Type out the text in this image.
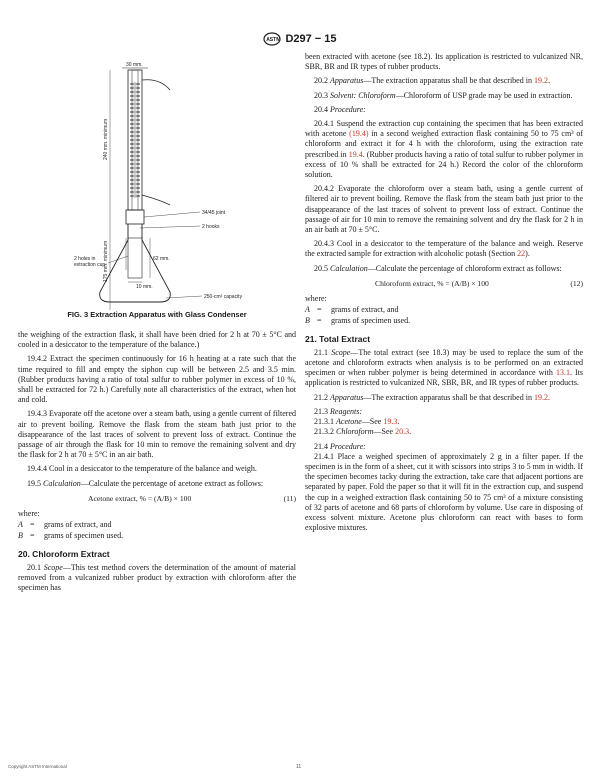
ASTM D297 − 15
30 mm.
240 mm. minimum
175 mm. minimum
34/45 joint
2 hooks
2 holes in
extraction cup
62 mm.
10 mm.
250-cm³ capacity
FIG. 3 Extraction Apparatus with Glass Condenser

the weighing of the extraction flask, it shall have been dried for 2 h at 70 ± 5°C and cooled in a desiccator to the temperature of the balance.)

19.4.2 Extract the specimen continuously for 16 h heating at a rate such that the time required to fill and empty the siphon cup will be between 2.5 and 3.5 min. (Rubber products having a ratio of total sulfur to rubber polymer in excess of 10 %, shall be extracted for 72 h.) Carefully note all characteristics of the extract, when hot and cold.

19.4.3 Evaporate off the acetone over a steam bath, using a gentle current of filtered air to prevent boiling. Remove the flask from the steam bath just prior to the disappearance of the last traces of solvent to prevent loss of extract. Continue the passage of air through the flask for 10 min to remove the remaining solvent and dry the flask for 2 h at 70 ± 5°C in an air bath.

19.4.4 Cool in a desiccator to the temperature of the balance and weigh.

19.5 Calculation—Calculate the percentage of acetone extract as follows:

Acetone extract, % = (A/B) × 100	(11)

where:

A =	grams of extract, and

B =	grams of specimen used.

20. Chloroform Extract

20.1 Scope—This test method covers the determination of the amount of material removed from a vulcanized rubber product by extraction with chloroform after the specimen has

been extracted with acetone (see 18.2). Its application is restricted to vulcanized NR, SBR, BR and IR types of rubber products.

20.2 Apparatus—The extraction apparatus shall be that described in 19.2.

20.3 Solvent: Chloroform—Chloroform of USP grade may be used in extraction.

20.4 Procedure:

20.4.1 Suspend the extraction cup containing the specimen that has been extracted with acetone (19.4) in a second weighed extraction flask containing 50 to 75 cm³ of chloroform and extract it for 4 h with the chloroform, using the extraction rate prescribed in 19.4. (Rubber products having a ratio of total sulfur to rubber polymer in excess of 10 % shall be extracted for 24 h.) Record the color of the chloroform solution.

20.4.2 Evaporate the chloroform over a steam bath, using a gentle current of filtered air to prevent boiling. Remove the flask from the steam bath just prior to the disappearance of the last traces of solvent to prevent loss of extract. Continue the passage of air for 10 min to remove the remaining solvent and dry the flask for 2 h in an air bath at 70 ± 5°C.

20.4.3 Cool in a desiccator to the temperature of the balance and weigh. Reserve the extracted sample for extraction with alcoholic potash (Section 22).

20.5 Calculation—Calculate the percentage of chloroform extract as follows:

Chloroform extract, % = (A/B) × 100	(12)

where:

A =	grams of extract, and

B =	grams of specimen used.

21. Total Extract

21.1 Scope—The total extract (see 18.3) may be used to replace the sum of the acetone and chloroform extracts when analysis is to be performed on an extracted specimen or when rubber polymer is being determined in accordance with 13.1. Its application is restricted to vulcanized NR, SBR, BR, and IR types of rubber products.

21.2 Apparatus—The extraction apparatus shall be that described in 19.2.

21.3 Reagents:

21.3.1 Acetone—See 19.3.

21.3.2 Chloroform—See 20.3.

21.4 Procedure:

21.4.1 Place a weighed specimen of approximately 2 g in a filter paper. If the specimen is in the form of a sheet, cut it with scissors into strips 3 to 5 mm in width. If the specimen becomes tacky during the extraction, take care that adjacent portions are separated by paper. Fold the paper so that it will fit in the extraction cup, and suspend the cup in a weighed extraction flask containing 50 to 75 cm³ of a mixture consisting of 32 parts of acetone and 68 parts of chloroform by volume. Use care in disposing of excess solvent mixture. Acetone plus chloroform can react with bases to form explosive mixtures.

Copyright ASTM International	11
